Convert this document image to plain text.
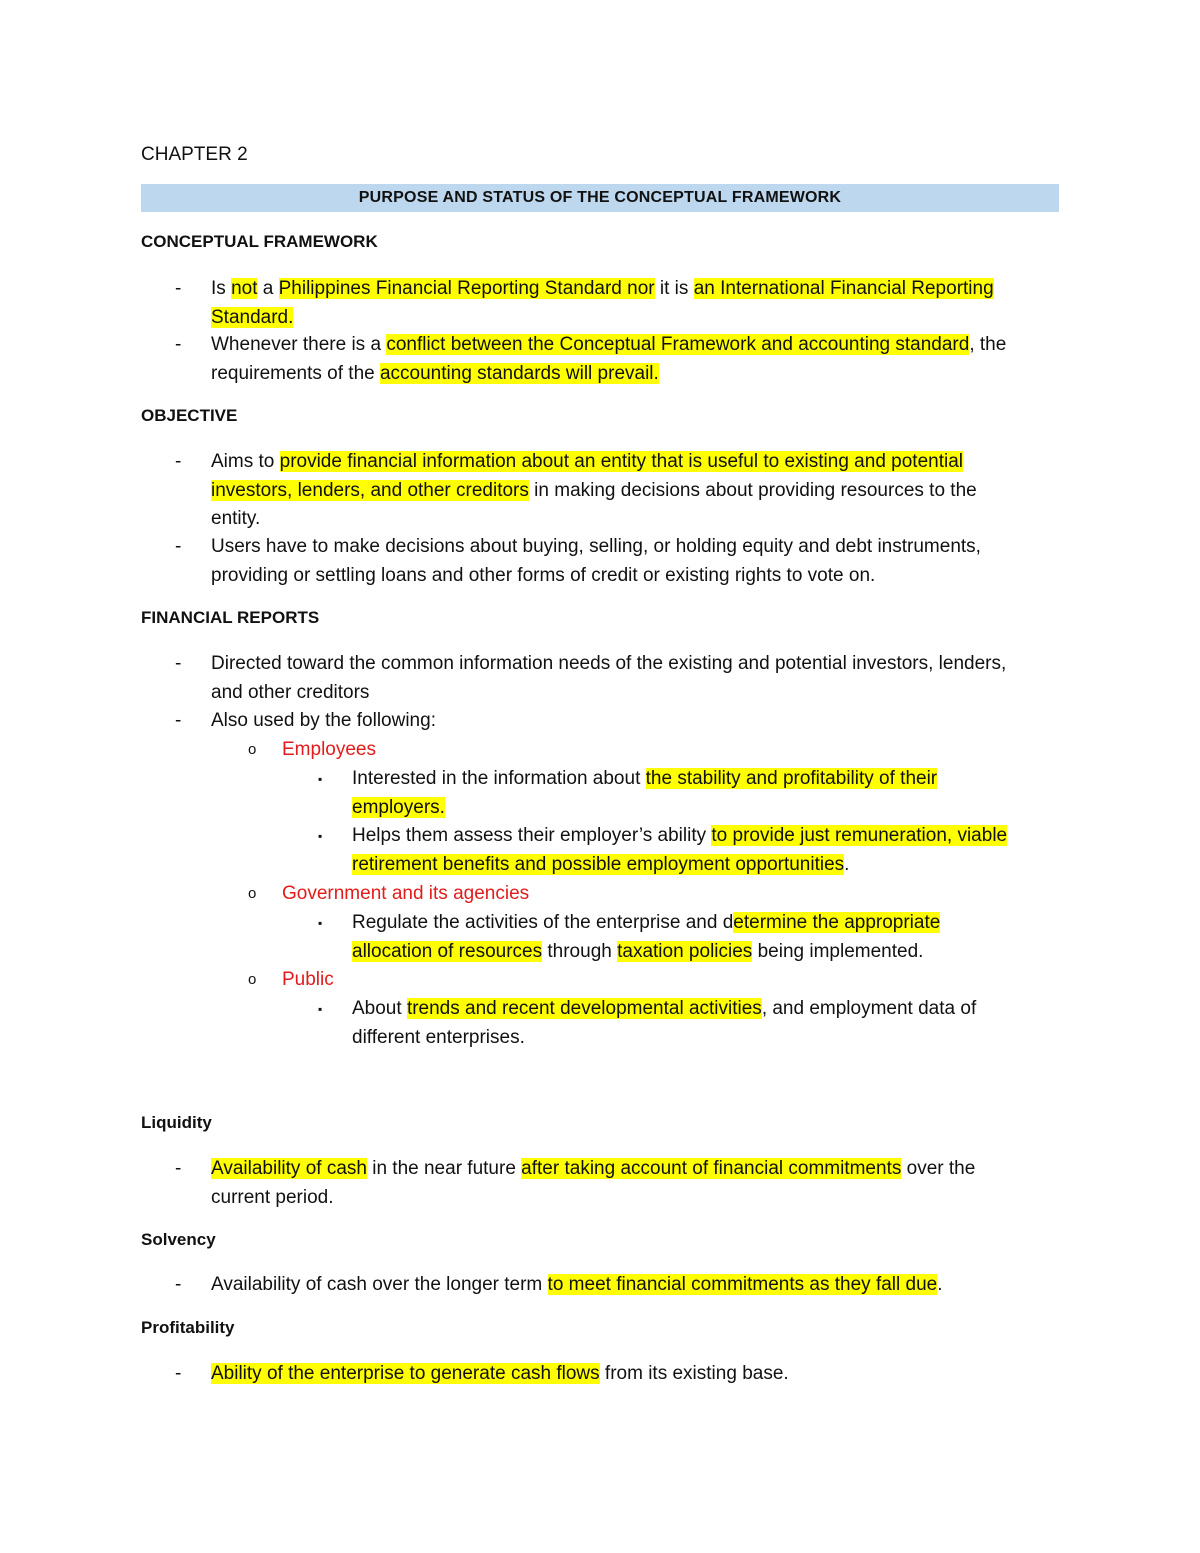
CHAPTER 2
PURPOSE AND STATUS OF THE CONCEPTUAL FRAMEWORK
CONCEPTUAL FRAMEWORK
- Is not a Philippines Financial Reporting Standard nor it is an International Financial Reporting
Standard.
- Whenever there is a conflict between the Conceptual Framework and accounting standard, the
requirements of the accounting standards will prevail.
OBJECTIVE
- Aims to provide financial information about an entity that is useful to existing and potential
investors, lenders, and other creditors in making decisions about providing resources to the
entity.
- Users have to make decisions about buying, selling, or holding equity and debt instruments,
providing or settling loans and other forms of credit or existing rights to vote on.
FINANCIAL REPORTS
- Directed toward the common information needs of the existing and potential investors, lenders,
and other creditors
- Also used by the following:
o Employees
▪ Interested in the information about the stability and profitability of their
employers.
▪ Helps them assess their employer’s ability to provide just remuneration, viable
retirement benefits and possible employment opportunities.
o Government and its agencies
▪ Regulate the activities of the enterprise and determine the appropriate
allocation of resources through taxation policies being implemented.
o Public
▪ About trends and recent developmental activities, and employment data of
different enterprises.
Liquidity
- Availability of cash in the near future after taking account of financial commitments over the
current period.
Solvency
- Availability of cash over the longer term to meet financial commitments as they fall due.
Profitability
- Ability of the enterprise to generate cash flows from its existing base.
